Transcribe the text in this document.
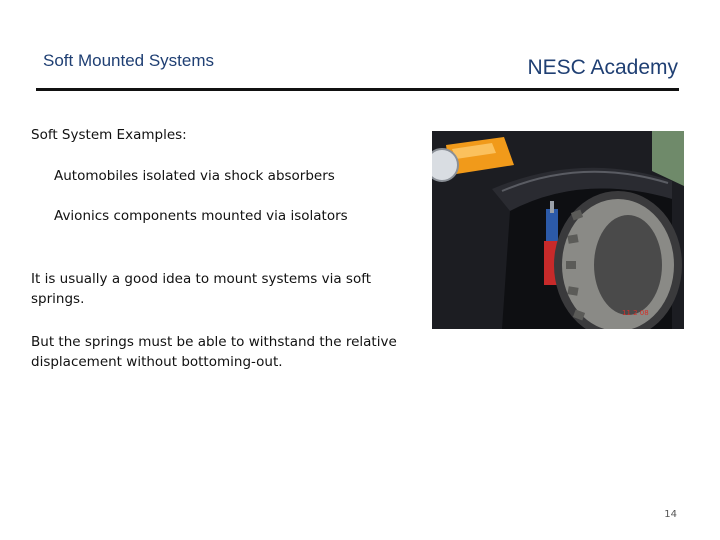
Soft Mounted Systems	NESC Academy
Soft System Examples:
Automobiles isolated via shock absorbers
Avionics components mounted via isolators
It is usually a good idea to mount systems via soft springs.
But the springs must be able to withstand the relative displacement without bottoming-out.
11 2 08
14
